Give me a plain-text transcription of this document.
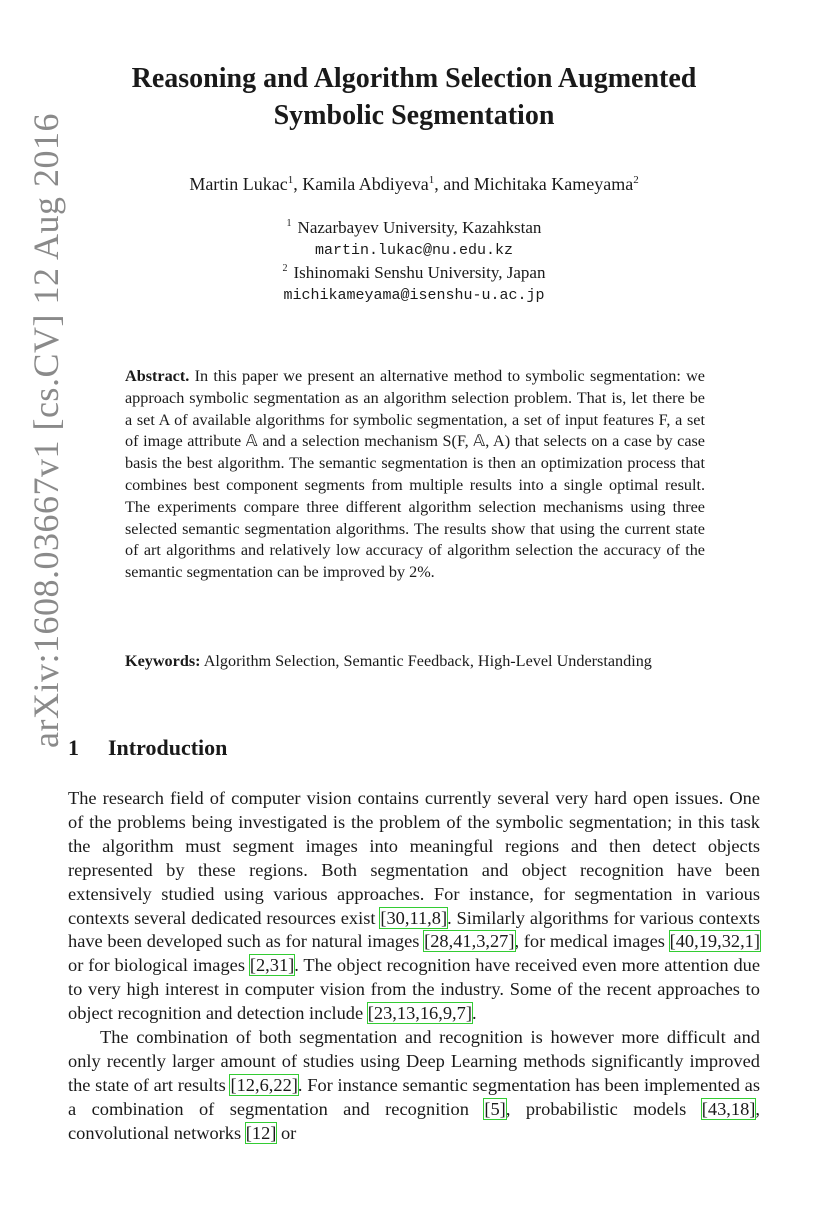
arXiv:1608.03667v1 [cs.CV] 12 Aug 2016
Reasoning and Algorithm Selection Augmented
Symbolic Segmentation
Martin Lukac$^1$, Kamila Abdiyeva$^1$, and Michitaka Kameyama$^2$
$^1$ Nazarbayev University, Kazahkstan
martin.lukac@nu.edu.kz
$^2$ Ishinomaki Senshu University, Japan
michikameyama@isenshu-u.ac.jp
Abstract. In this paper we present an alternative method to symbolic segmentation: we approach symbolic segmentation as an algorithm selection problem. That is, let there be a set A of available algorithms for symbolic segmentation, a set of input features F, a set of image attribute 𝔸 and a selection mechanism S(F, 𝔸, A) that selects on a case by case basis the best algorithm. The semantic segmentation is then an optimization process that combines best component segments from multiple results into a single optimal result. The experiments compare three different algorithm selection mechanisms using three selected semantic segmentation algorithms. The results show that using the current state of art algorithms and relatively low accuracy of algorithm selection the accuracy of the semantic segmentation can be improved by 2%.
Keywords: Algorithm Selection, Semantic Feedback, High-Level Understanding
1 Introduction

The research field of computer vision contains currently several very hard open issues. One of the problems being investigated is the problem of the symbolic segmentation; in this task the algorithm must segment images into meaningful regions and then detect objects represented by these regions. Both segmentation and object recognition have been extensively studied using various approaches. For instance, for segmentation in various contexts several dedicated resources exist [30,11,8]. Similarly algorithms for various contexts have been developed such as for natural images [28,41,3,27], for medical images [40,19,32,1] or for biological images [2,31]. The object recognition have received even more attention due to very high interest in computer vision from the industry. Some of the recent approaches to object recognition and detection include [23,13,16,9,7].

The combination of both segmentation and recognition is however more difficult and only recently larger amount of studies using Deep Learning methods significantly improved the state of art results [12,6,22]. For instance semantic segmentation has been implemented as a combination of segmentation and recognition [5], probabilistic models [43,18], convolutional networks [12] or
